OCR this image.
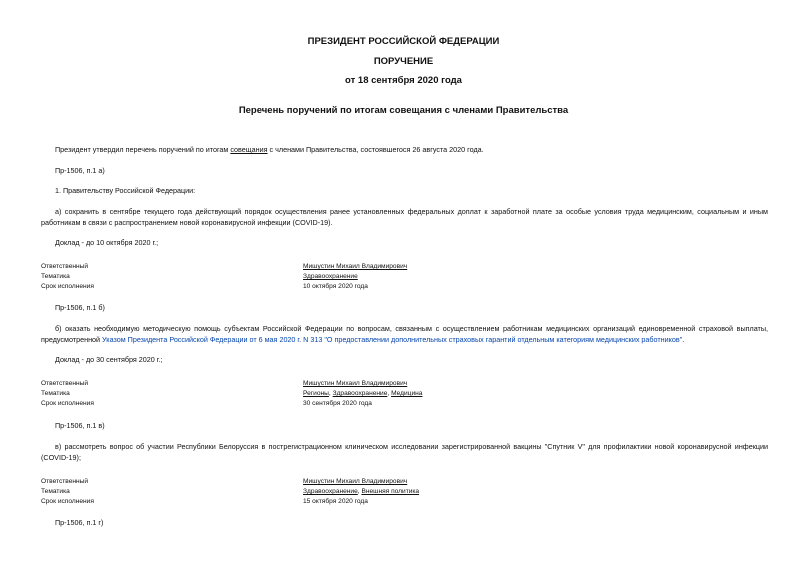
ПРЕЗИДЕНТ РОССИЙСКОЙ ФЕДЕРАЦИИ
ПОРУЧЕНИЕ
от 18 сентября 2020 года
Перечень поручений по итогам совещания с членами Правительства
Президент утвердил перечень поручений по итогам совещания с членами Правительства, состоявшегося 26 августа 2020 года.
Пр-1506, п.1 а)
1. Правительству Российской Федерации:
а) сохранить в сентябре текущего года действующий порядок осуществления ранее установленных федеральных доплат к заработной плате за особые условия труда медицинским, социальным и иным работникам в связи с распространением новой коронавирусной инфекции (COVID-19).
Доклад - до 10 октября 2020 г.;
Ответственный	Мишустин Михаил Владимирович
Тематика	Здравоохранение
Срок исполнения	10 октября 2020 года
Пр-1506, п.1 б)
б) оказать необходимую методическую помощь субъектам Российской Федерации по вопросам, связанным с осуществлением работникам медицинских организаций единовременной страховой выплаты, предусмотренной Указом Президента Российской Федерации от 6 мая 2020 г. N 313 "О предоставлении дополнительных страховых гарантий отдельным категориям медицинских работников".
Доклад - до 30 сентября 2020 г.;
Ответственный	Мишустин Михаил Владимирович
Тематика	Регионы, Здравоохранение, Медицина
Срок исполнения	30 сентября 2020 года
Пр-1506, п.1 в)
в) рассмотреть вопрос об участии Республики Белоруссия в пострегистрационном клиническом исследовании зарегистрированной вакцины "Спутник V" для профилактики новой коронавирусной инфекции (COVID-19);
Ответственный	Мишустин Михаил Владимирович
Тематика	Здравоохранение, Внешняя политика
Срок исполнения	15 октября 2020 года
Пр-1506, п.1 г)
